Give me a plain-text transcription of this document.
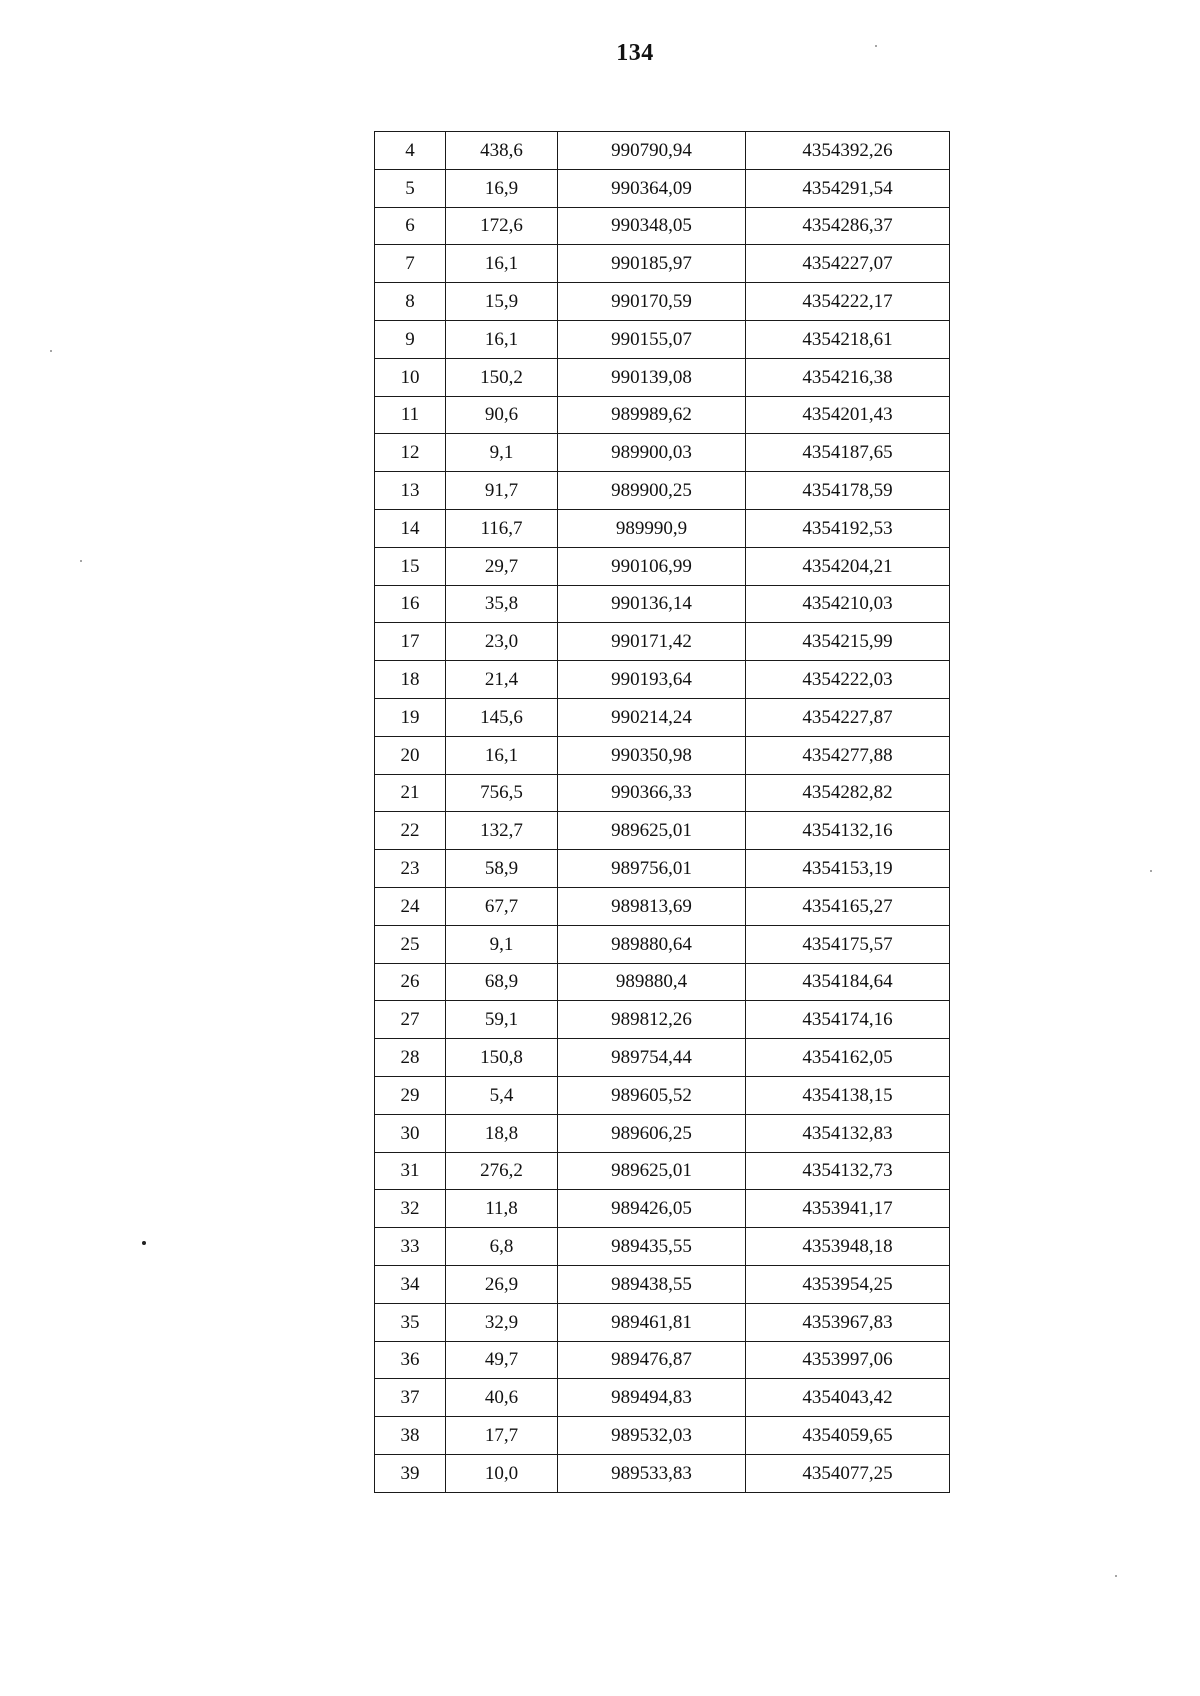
134
4	438,6	990790,94	4354392,26
5	16,9	990364,09	4354291,54
6	172,6	990348,05	4354286,37
7	16,1	990185,97	4354227,07
8	15,9	990170,59	4354222,17
9	16,1	990155,07	4354218,61
10	150,2	990139,08	4354216,38
11	90,6	989989,62	4354201,43
12	9,1	989900,03	4354187,65
13	91,7	989900,25	4354178,59
14	116,7	989990,9	4354192,53
15	29,7	990106,99	4354204,21
16	35,8	990136,14	4354210,03
17	23,0	990171,42	4354215,99
18	21,4	990193,64	4354222,03
19	145,6	990214,24	4354227,87
20	16,1	990350,98	4354277,88
21	756,5	990366,33	4354282,82
22	132,7	989625,01	4354132,16
23	58,9	989756,01	4354153,19
24	67,7	989813,69	4354165,27
25	9,1	989880,64	4354175,57
26	68,9	989880,4	4354184,64
27	59,1	989812,26	4354174,16
28	150,8	989754,44	4354162,05
29	5,4	989605,52	4354138,15
30	18,8	989606,25	4354132,83
31	276,2	989625,01	4354132,73
32	11,8	989426,05	4353941,17
33	6,8	989435,55	4353948,18
34	26,9	989438,55	4353954,25
35	32,9	989461,81	4353967,83
36	49,7	989476,87	4353997,06
37	40,6	989494,83	4354043,42
38	17,7	989532,03	4354059,65
39	10,0	989533,83	4354077,25
